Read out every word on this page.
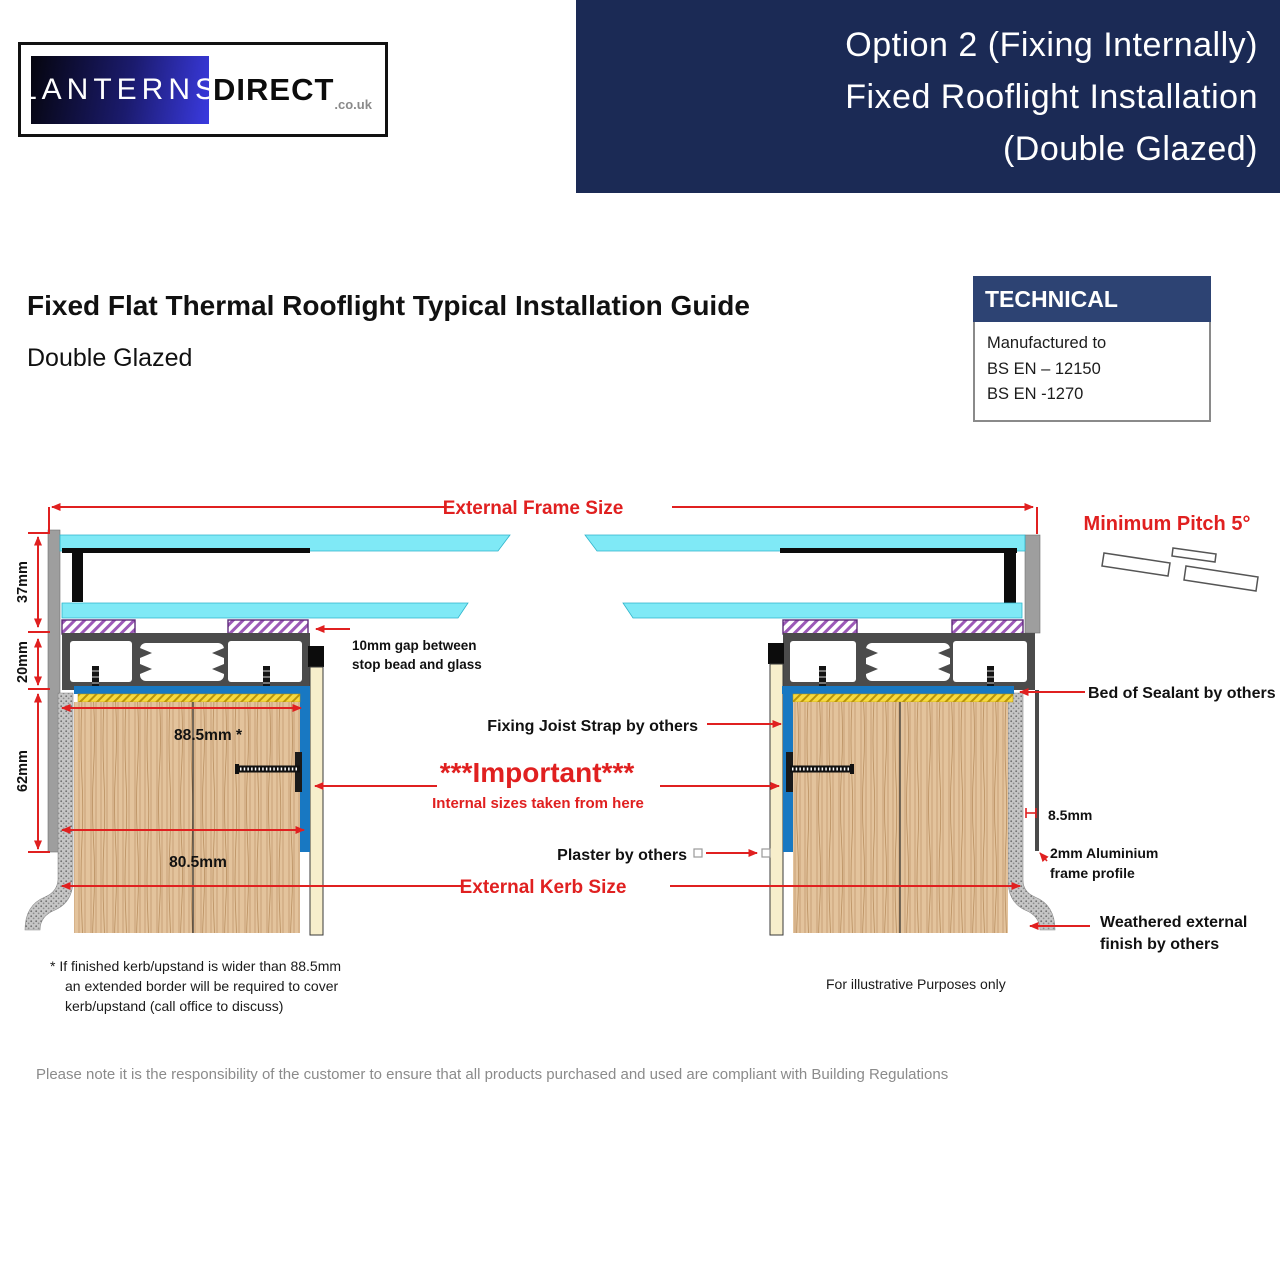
Option 2 (Fixing Internally)
Fixed Rooflight Installation
(Double Glazed)
LANTERNS
DIRECT .co.uk
Fixed Flat Thermal Rooflight Typical Installation Guide
Double Glazed
TECHNICAL
Manufactured to
BS EN – 12150
BS EN -1270
External Frame Size
37mm
20mm
62mm
88.5mm *
80.5mm
External Kerb Size
8.5mm
10mm gap between
stop bead and glass
Bed of Sealant by others
Fixing Joist Strap by others
***Important***
Internal sizes taken from here
Plaster by others	2mm Aluminium
frame profile
Weathered external
finish by others
Minimum Pitch 5°
* If finished kerb/upstand is wider than 88.5mm
an extended border will be required to cover
kerb/upstand (call office to discuss)
For illustrative Purposes only
Please note it is the responsibility of the customer to ensure that all products purchased and used are compliant with Building Regulations
